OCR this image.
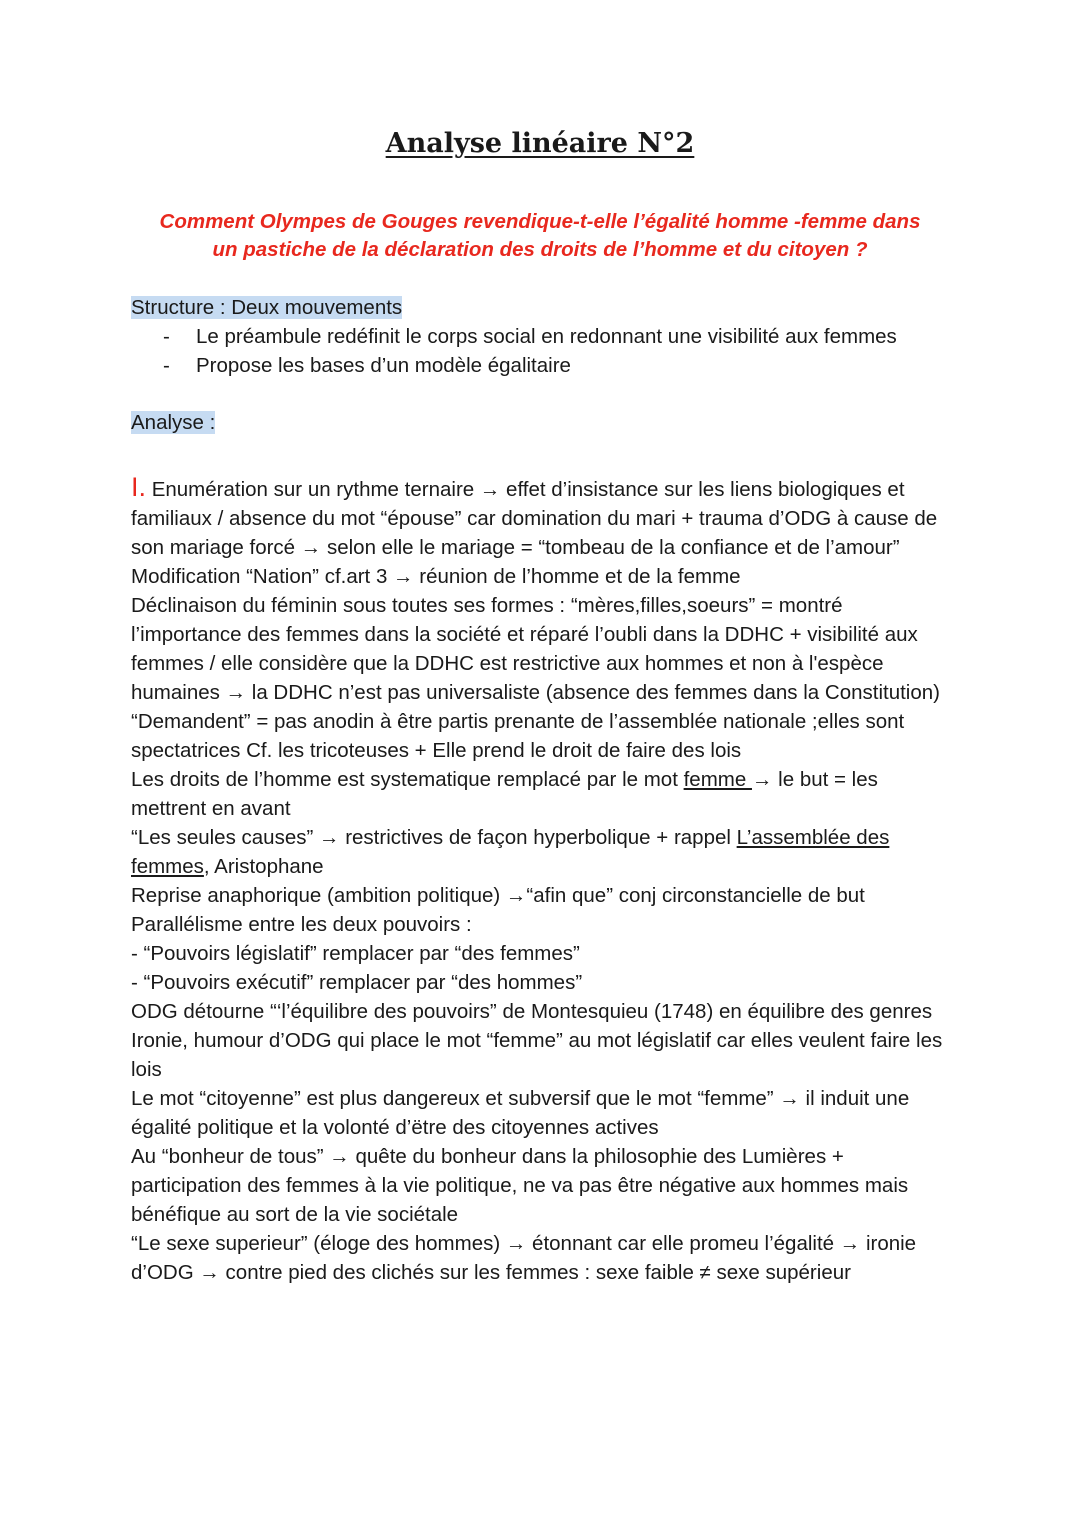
Analyse linéaire N°2
Comment Olympes de Gouges revendique-t-elle l’égalité homme -femme dans
un pastiche de la déclaration des droits de l’homme et du citoyen ?
Structure : Deux mouvements
-	Le préambule redéfinit le corps social en redonnant une visibilité aux femmes
-	Propose les bases d’un modèle égalitaire
Analyse :

I. Enumération sur un rythme ternaire → effet d’insistance sur les liens biologiques et familiaux / absence du mot “épouse” car domination du mari + trauma d’ODG à cause de son mariage forcé → selon elle le mariage = “tombeau de la confiance et de l’amour”

Modification “Nation” cf.art 3 → réunion de l’homme et de la femme

Déclinaison du féminin sous toutes ses formes : “mères,filles,soeurs” = montré l’importance des femmes dans la société et réparé l’oubli dans la DDHC + visibilité aux femmes / elle considère que la DDHC est restrictive aux hommes et non à l'espèce humaines → la DDHC n’est pas universaliste (absence des femmes dans la Constitution)

“Demandent” = pas anodin à être partis prenante de l’assemblée nationale ;elles sont spectatrices Cf. les tricoteuses + Elle prend le droit de faire des lois

Les droits de l’homme est systematique remplacé par le mot femme → le but = les mettrent en avant

“Les seules causes” → restrictives de façon hyperbolique + rappel L’assemblée des femmes, Aristophane

Reprise anaphorique (ambition politique) →“afin que” conj circonstancielle de but

Parallélisme entre les deux pouvoirs :

- “Pouvoirs législatif” remplacer par “des femmes”

- “Pouvoirs exécutif” remplacer par “des hommes”

ODG détourne “‘l’équilibre des pouvoirs” de Montesquieu (1748) en équilibre des genres

Ironie, humour d’ODG qui place le mot “femme” au mot législatif car elles veulent faire les lois

Le mot “citoyenne” est plus dangereux et subversif que le mot “femme” → il induit une égalité politique et la volonté d’ëtre des citoyennes actives

Au “bonheur de tous” → quête du bonheur dans la philosophie des Lumières + participation des femmes à la vie politique, ne va pas être négative aux hommes mais bénéfique au sort de la vie sociétale

“Le sexe superieur” (éloge des hommes) → étonnant car elle promeu l’égalité → ironie d’ODG → contre pied des clichés sur les femmes : sexe faible ≠ sexe supérieur
